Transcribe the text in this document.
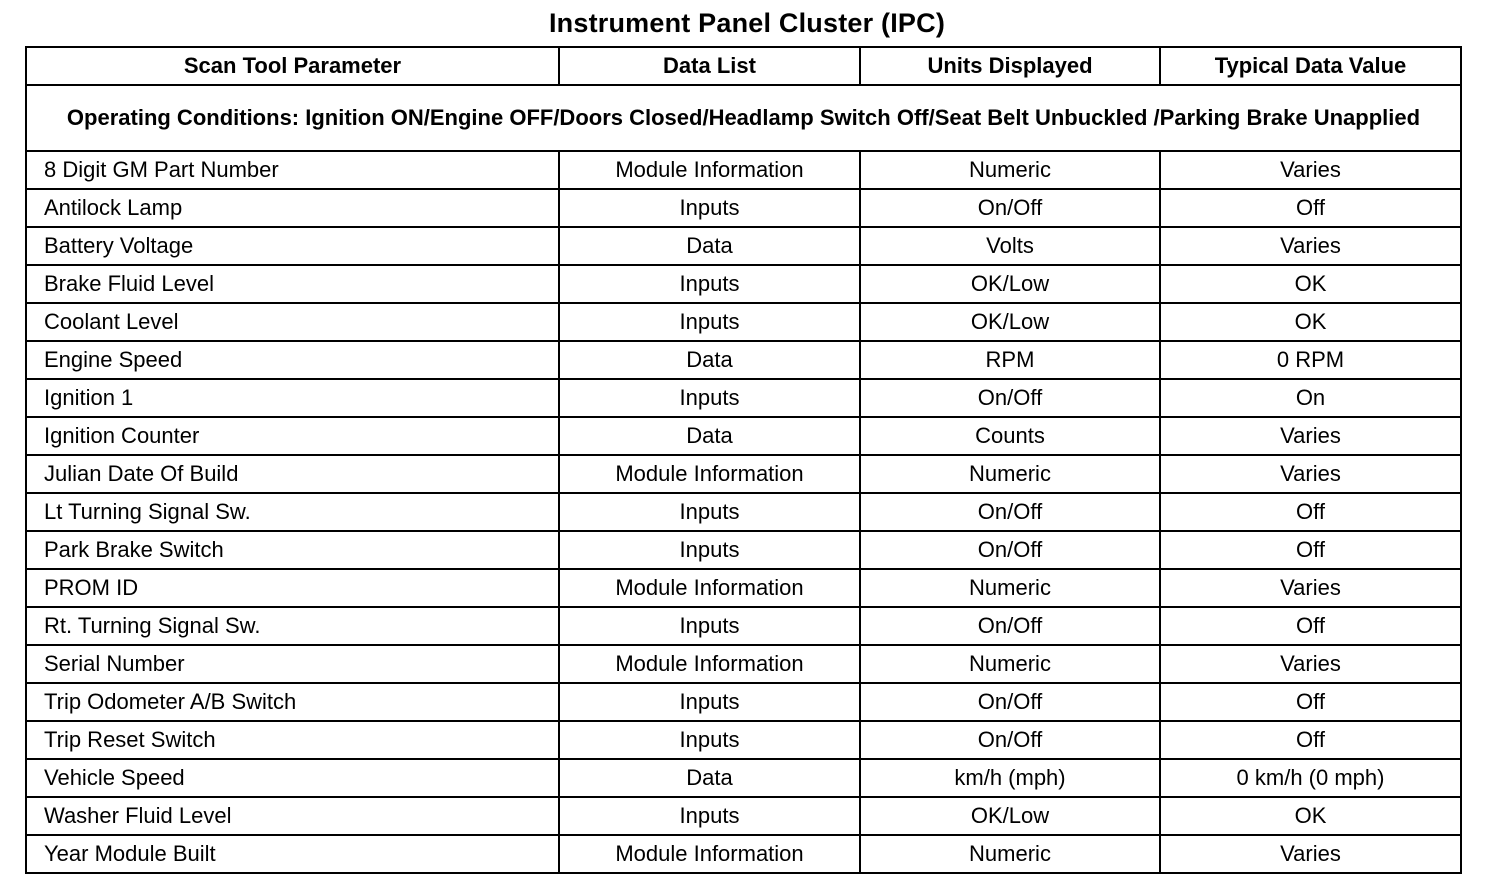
Instrument Panel Cluster (IPC)
Scan Tool Parameter	Data List	Units Displayed	Typical Data Value
Operating Conditions: Ignition ON/Engine OFF/Doors Closed/Headlamp Switch Off/Seat Belt Unbuckled /Parking Brake Unapplied			
8 Digit GM Part Number	Module Information	Numeric	Varies
Antilock Lamp	Inputs	On/Off	Off
Battery Voltage	Data	Volts	Varies
Brake Fluid Level	Inputs	OK/Low	OK
Coolant Level	Inputs	OK/Low	OK
Engine Speed	Data	RPM	0 RPM
Ignition 1	Inputs	On/Off	On
Ignition Counter	Data	Counts	Varies
Julian Date Of Build	Module Information	Numeric	Varies
Lt Turning Signal Sw.	Inputs	On/Off	Off
Park Brake Switch	Inputs	On/Off	Off
PROM ID	Module Information	Numeric	Varies
Rt. Turning Signal Sw.	Inputs	On/Off	Off
Serial Number	Module Information	Numeric	Varies
Trip Odometer A/B Switch	Inputs	On/Off	Off
Trip Reset Switch	Inputs	On/Off	Off
Vehicle Speed	Data	km/h (mph)	0 km/h (0 mph)
Washer Fluid Level	Inputs	OK/Low	OK
Year Module Built	Module Information	Numeric	Varies
